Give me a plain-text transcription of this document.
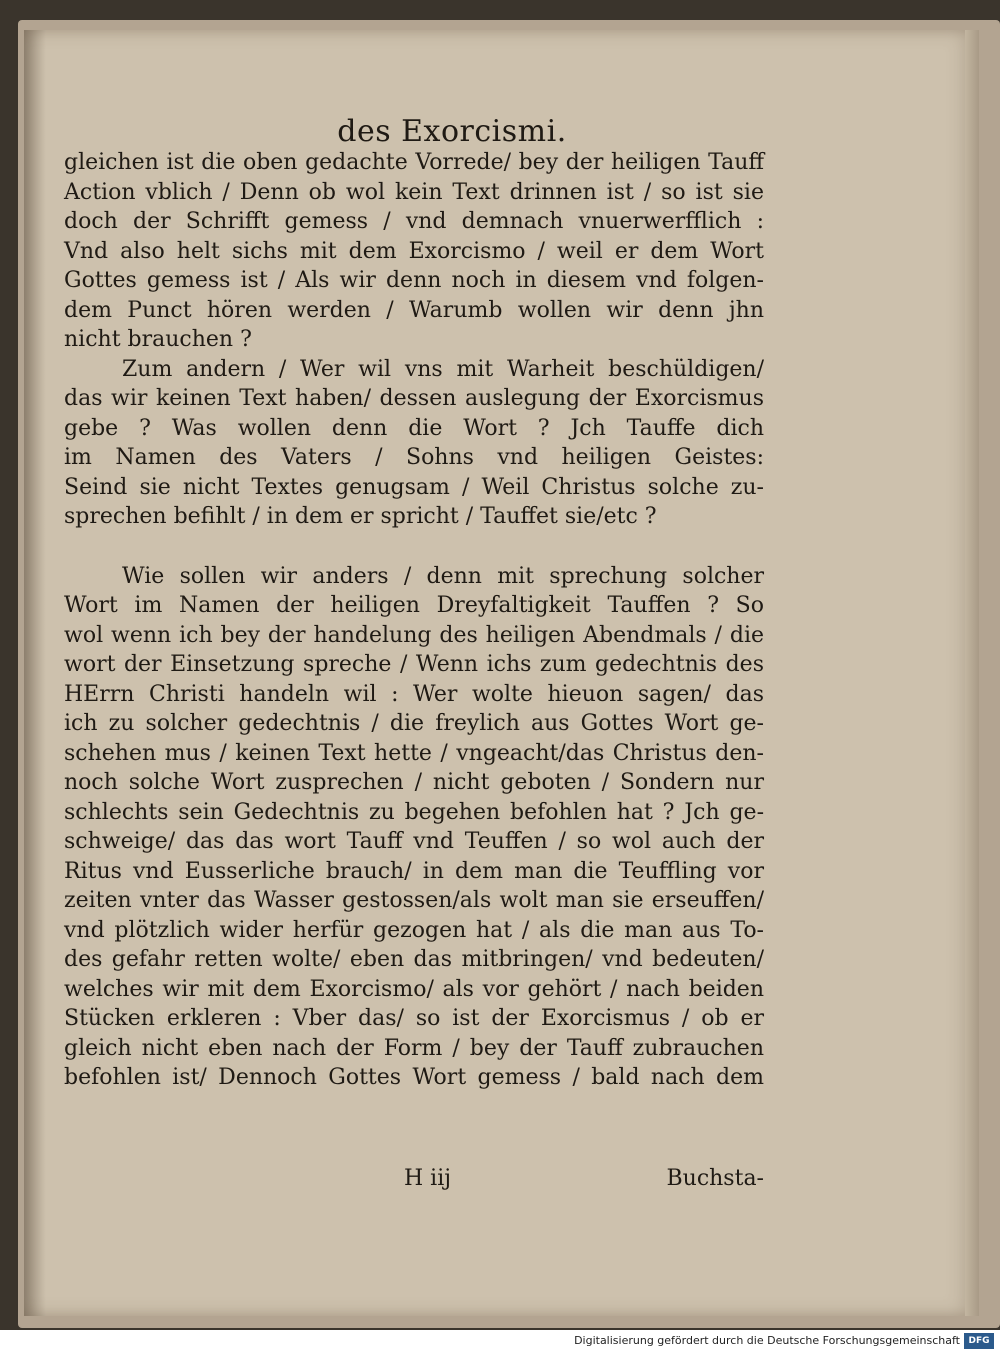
des Exorcismi.
gleichen ist die oben gedachte Vorrede/ bey der heiligen Tauff
Action vblich / Denn ob wol kein Text drinnen ist / so ist sie
doch der Schrifft gemess / vnd demnach vnuerwerfflich :
Vnd also helt sichs mit dem Exorcismo / weil er dem Wort
Gottes gemess ist / Als wir denn noch in diesem vnd folgen-
dem Punct hören werden / Warumb wollen wir denn jhn
nicht brauchen ?
Zum andern / Wer wil vns mit Warheit beschüldigen/
das wir keinen Text haben/ dessen auslegung der Exorcismus
gebe ? Was wollen denn die Wort ? Jch Tauffe dich
im Namen des Vaters / Sohns vnd heiligen Geistes:
Seind sie nicht Textes genugsam / Weil Christus solche zu-
sprechen befihlt / in dem er spricht / Tauffet sie/etc ?
Wie sollen wir anders / denn mit sprechung solcher
Wort im Namen der heiligen Dreyfaltigkeit Tauffen ? So
wol wenn ich bey der handelung des heiligen Abendmals / die
wort der Einsetzung spreche / Wenn ichs zum gedechtnis des
HErrn Christi handeln wil : Wer wolte hieuon sagen/ das
ich zu solcher gedechtnis / die freylich aus Gottes Wort ge-
schehen mus / keinen Text hette / vngeacht/das Christus den-
noch solche Wort zusprechen / nicht geboten / Sondern nur
schlechts sein Gedechtnis zu begehen befohlen hat ? Jch ge-
schweige/ das das wort Tauff vnd Teuffen / so wol auch der
Ritus vnd Eusserliche brauch/ in dem man die Teuffling vor
zeiten vnter das Wasser gestossen/als wolt man sie erseuffen/
vnd plötzlich wider herfür gezogen hat / als die man aus To-
des gefahr retten wolte/ eben das mitbringen/ vnd bedeuten/
welches wir mit dem Exorcismo/ als vor gehört / nach beiden
Stücken erkleren : Vber das/ so ist der Exorcismus / ob er
gleich nicht eben nach der Form / bey der Tauff zubrauchen
befohlen ist/ Dennoch Gottes Wort gemess / bald nach dem
H iij	Buchsta-
Digitalisierung gefördert durch die Deutsche Forschungsgemeinschaft DFG
